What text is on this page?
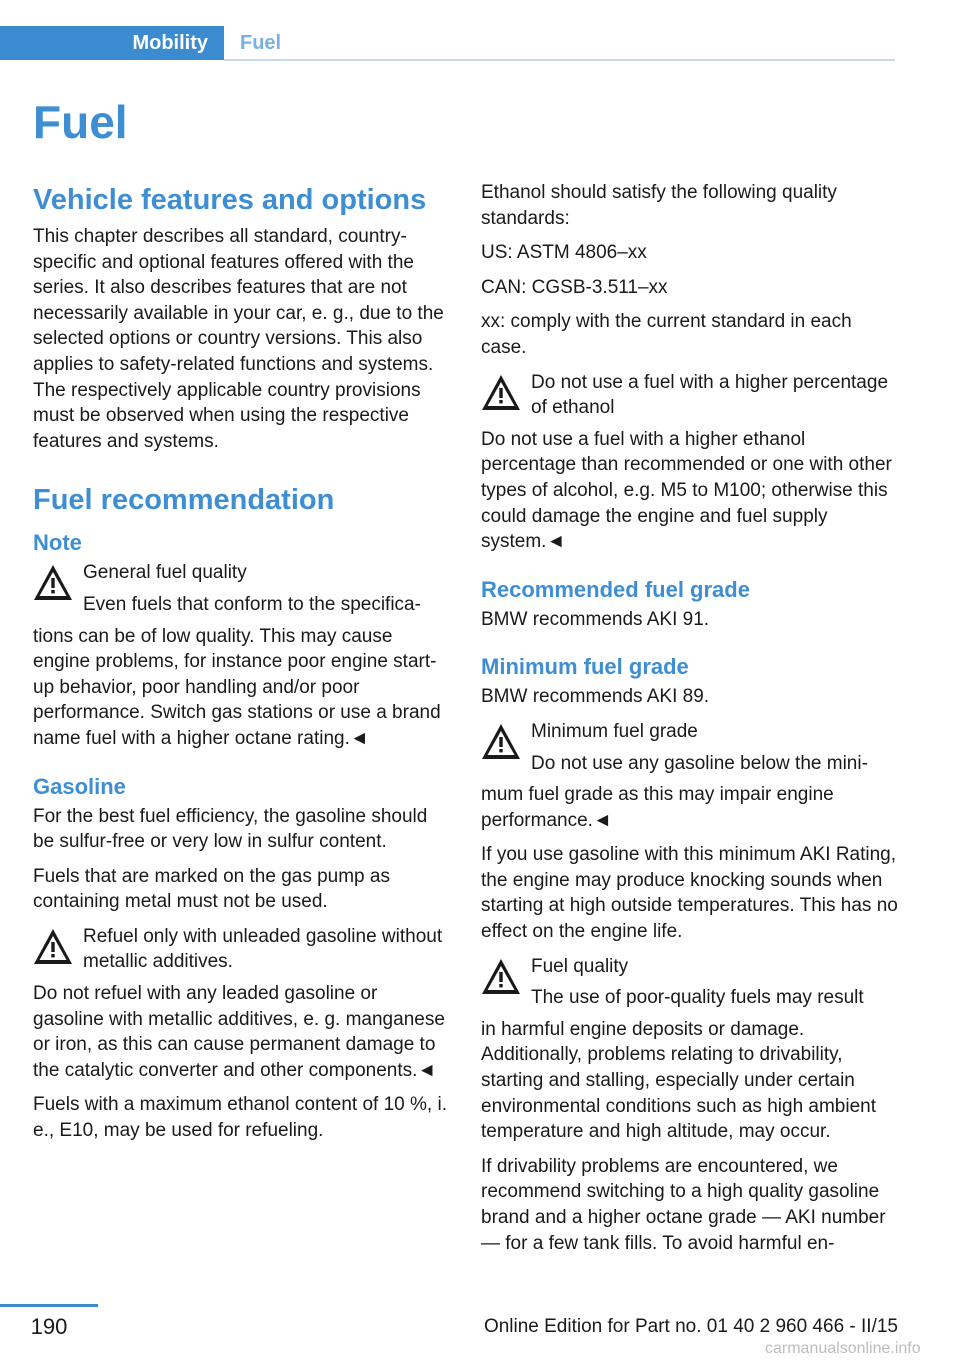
Mobility	Fuel
Fuel
Vehicle features and options

This chapter describes all standard, country-specific and optional features offered with the series. It also describes features that are not necessarily available in your car, e. g., due to the selected options or country versions. This also applies to safety-related functions and systems. The respectively applicable country provisions must be observed when using the respective features and systems.

Fuel recommendation
Note
General fuel quality
Even fuels that conform to the specifica-

tions can be of low quality. This may cause engine problems, for instance poor engine start-up behavior, poor handling and/or poor performance. Switch gas stations or use a brand name fuel with a higher octane rating.◄

Gasoline

For the best fuel efficiency, the gasoline should be sulfur-free or very low in sulfur content.

Fuels that are marked on the gas pump as containing metal must not be used.

Refuel only with unleaded gasoline without metallic additives.

Do not refuel with any leaded gasoline or gasoline with metallic additives, e. g. manganese or iron, as this can cause permanent damage to the catalytic converter and other components.◄

Fuels with a maximum ethanol content of 10 %, i. e., E10, may be used for refueling.

Ethanol should satisfy the following quality standards:

US: ASTM 4806–xx

CAN: CGSB-3.511–xx

xx: comply with the current standard in each case.

Do not use a fuel with a higher percentage of ethanol

Do not use a fuel with a higher ethanol percentage than recommended or one with other types of alcohol, e.g. M5 to M100; otherwise this could damage the engine and fuel supply system.◄

Recommended fuel grade

BMW recommends AKI 91.

Minimum fuel grade

BMW recommends AKI 89.

Minimum fuel grade
Do not use any gasoline below the mini-

mum fuel grade as this may impair engine performance.◄

If you use gasoline with this minimum AKI Rating, the engine may produce knocking sounds when starting at high outside temperatures. This has no effect on the engine life.

Fuel quality
The use of poor-quality fuels may result

in harmful engine deposits or damage. Additionally, problems relating to drivability, starting and stalling, especially under certain environmental conditions such as high ambient temperature and high altitude, may occur.

If drivability problems are encountered, we recommend switching to a high quality gasoline brand and a higher octane grade — AKI number — for a few tank fills. To avoid harmful en-

190	Online Edition for Part no. 01 40 2 960 466 - II/15
carmanualsonline.info
